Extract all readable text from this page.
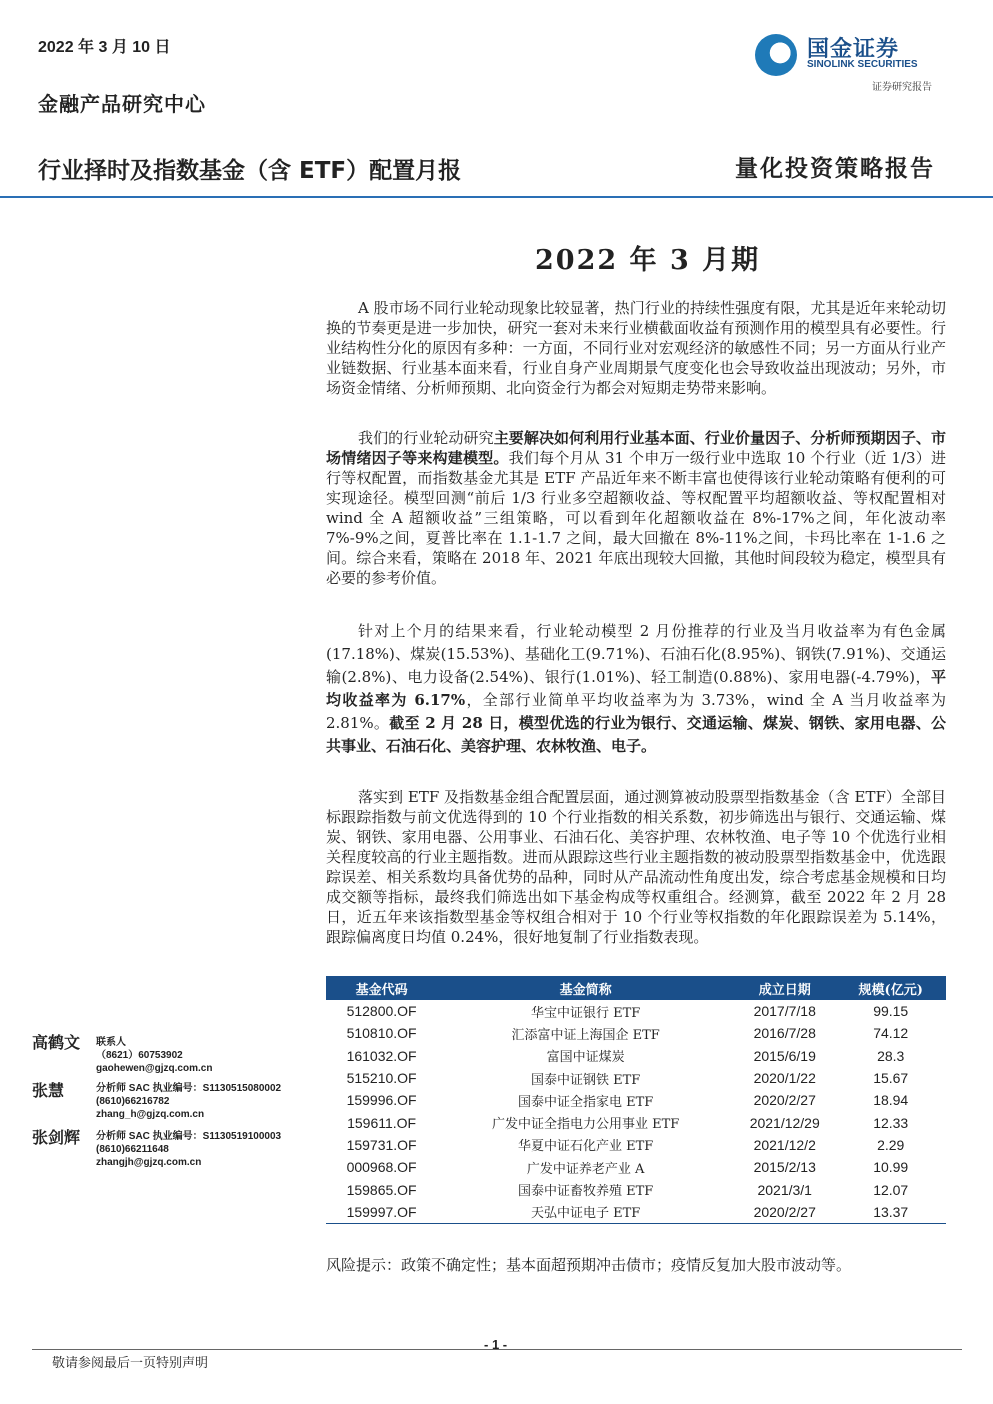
2022 年 3 月 10 日
金融产品研究中心
国金证券
SINOLINK SECURITIES
证券研究报告
行业择时及指数基金（含 ETF）配置月报	量化投资策略报告
2022 年 3 月期
A 股市场不同行业轮动现象比较显著，热门行业的持续性强度有限，尤其是近年来轮动切换的节奏更是进一步加快，研究一套对未来行业横截面收益有预测作用的模型具有必要性。行业结构性分化的原因有多种：一方面，不同行业对宏观经济的敏感性不同；另一方面从行业产业链数据、行业基本面来看，行业自身产业周期景气度变化也会导致收益出现波动；另外，市场资金情绪、分析师预期、北向资金行为都会对短期走势带来影响。
我们的行业轮动研究主要解决如何利用行业基本面、行业价量因子、分析师预期因子、市场情绪因子等来构建模型。我们每个月从 31 个申万一级行业中选取 10 个行业（近 1/3）进行等权配置，而指数基金尤其是 ETF 产品近年来不断丰富也使得该行业轮动策略有便利的可实现途径。模型回测“前后 1/3 行业多空超额收益、等权配置平均超额收益、等权配置相对 wind 全 A 超额收益”三组策略，可以看到年化超额收益在 8%-17%之间，年化波动率 7%-9%之间，夏普比率在 1.1-1.7 之间，最大回撤在 8%-11%之间，卡玛比率在 1-1.6 之间。综合来看，策略在 2018 年、2021 年底出现较大回撤，其他时间段较为稳定，模型具有必要的参考价值。
针对上个月的结果来看，行业轮动模型 2 月份推荐的行业及当月收益率为有色金属(17.18%)、煤炭(15.53%)、基础化工(9.71%)、石油石化(8.95%)、钢铁(7.91%)、交通运输(2.8%)、电力设备(2.54%)、银行(1.01%)、轻工制造(0.88%)、家用电器(-4.79%)，平均收益率为 6.17%，全部行业简单平均收益率为为 3.73%，wind 全 A 当月收益率为 2.81%。截至 2 月 28 日，模型优选的行业为银行、交通运输、煤炭、钢铁、家用电器、公共事业、石油石化、美容护理、农林牧渔、电子。
落实到 ETF 及指数基金组合配置层面，通过测算被动股票型指数基金（含 ETF）全部目标跟踪指数与前文优选得到的 10 个行业指数的相关系数，初步筛选出与银行、交通运输、煤炭、钢铁、家用电器、公用事业、石油石化、美容护理、农林牧渔、电子等 10 个优选行业相关程度较高的行业主题指数。进而从跟踪这些行业主题指数的被动股票型指数基金中，优选跟踪误差、相关系数均具备优势的品种，同时从产品流动性角度出发，综合考虑基金规模和日均成交额等指标，最终我们筛选出如下基金构成等权重组合。经测算，截至 2022 年 2 月 28 日，近五年来该指数型基金等权组合相对于 10 个行业等权指数的年化跟踪误差为 5.14%，跟踪偏离度日均值 0.24%，很好地复制了行业指数表现。
基金代码	基金简称	成立日期	规模(亿元)
512800.OF	华宝中证银行 ETF	2017/7/18	99.15
510810.OF	汇添富中证上海国企 ETF	2016/7/28	74.12
161032.OF	富国中证煤炭	2015/6/19	28.3
515210.OF	国泰中证钢铁 ETF	2020/1/22	15.67
159996.OF	国泰中证全指家电 ETF	2020/2/27	18.94
159611.OF	广发中证全指电力公用事业 ETF	2021/12/29	12.33
159731.OF	华夏中证石化产业 ETF	2021/12/2	2.29
000968.OF	广发中证养老产业 A	2015/2/13	10.99
159865.OF	国泰中证畜牧养殖 ETF	2021/3/1	12.07
159997.OF	天弘中证电子 ETF	2020/2/27	13.37
风险提示：政策不确定性；基本面超预期冲击债市；疫情反复加大股市波动等。
高鹤文 联系人
（8621）60753902
gaohewen@gjzq.com.cn
张慧	分析师 SAC 执业编号：S1130515080002
(8610)66216782
zhang_h@gjzq.com.cn
张剑辉 分析师 SAC 执业编号：S1130519100003
(8610)66211648
zhangjh@gjzq.com.cn
- 1 -
敬请参阅最后一页特别声明
